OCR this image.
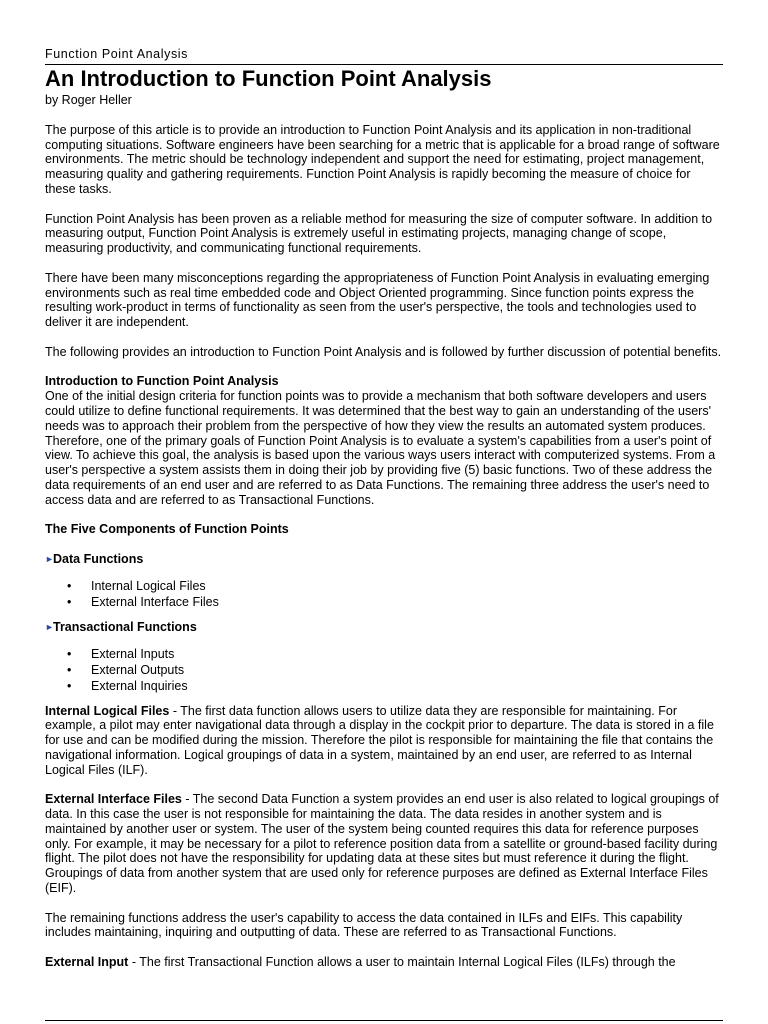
Function Point Analysis
An Introduction to Function Point Analysis
by Roger Heller

The purpose of this article is to provide an introduction to Function Point Analysis and its application in non-traditional computing situations. Software engineers have been searching for a metric that is applicable for a broad range of software environments. The metric should be technology independent and support the need for estimating, project management, measuring quality and gathering requirements. Function Point Analysis is rapidly becoming the measure of choice for these tasks.

Function Point Analysis has been proven as a reliable method for measuring the size of computer software. In addition to measuring output, Function Point Analysis is extremely useful in estimating projects, managing change of scope, measuring productivity, and communicating functional requirements.

There have been many misconceptions regarding the appropriateness of Function Point Analysis in evaluating emerging environments such as real time embedded code and Object Oriented programming. Since function points express the resulting work-product in terms of functionality as seen from the user's perspective, the tools and technologies used to deliver it are independent.

The following provides an introduction to Function Point Analysis and is followed by further discussion of potential benefits.

Introduction to Function Point Analysis

One of the initial design criteria for function points was to provide a mechanism that both software developers and users could utilize to define functional requirements. It was determined that the best way to gain an understanding of the users' needs was to approach their problem from the perspective of how they view the results an automated system produces. Therefore, one of the primary goals of Function Point Analysis is to evaluate a system's capabilities from a user's point of view. To achieve this goal, the analysis is based upon the various ways users interact with computerized systems. From a user's perspective a system assists them in doing their job by providing five (5) basic functions. Two of these address the data requirements of an end user and are referred to as Data Functions. The remaining three address the user's need to access data and are referred to as Transactional Functions.

The Five Components of Function Points
►Data Functions
• Internal Logical Files
• External Interface Files
►Transactional Functions
• External Inputs
• External Outputs
• External Inquiries

Internal Logical Files - The first data function allows users to utilize data they are responsible for maintaining. For example, a pilot may enter navigational data through a display in the cockpit prior to departure. The data is stored in a file for use and can be modified during the mission. Therefore the pilot is responsible for maintaining the file that contains the navigational information. Logical groupings of data in a system, maintained by an end user, are referred to as Internal Logical Files (ILF).

External Interface Files - The second Data Function a system provides an end user is also related to logical groupings of data. In this case the user is not responsible for maintaining the data. The data resides in another system and is maintained by another user or system. The user of the system being counted requires this data for reference purposes only. For example, it may be necessary for a pilot to reference position data from a satellite or ground-based facility during flight. The pilot does not have the responsibility for updating data at these sites but must reference it during the flight. Groupings of data from another system that are used only for reference purposes are defined as External Interface Files (EIF).

The remaining functions address the user's capability to access the data contained in ILFs and EIFs. This capability includes maintaining, inquiring and outputting of data. These are referred to as Transactional Functions.

External Input - The first Transactional Function allows a user to maintain Internal Logical Files (ILFs) through the
